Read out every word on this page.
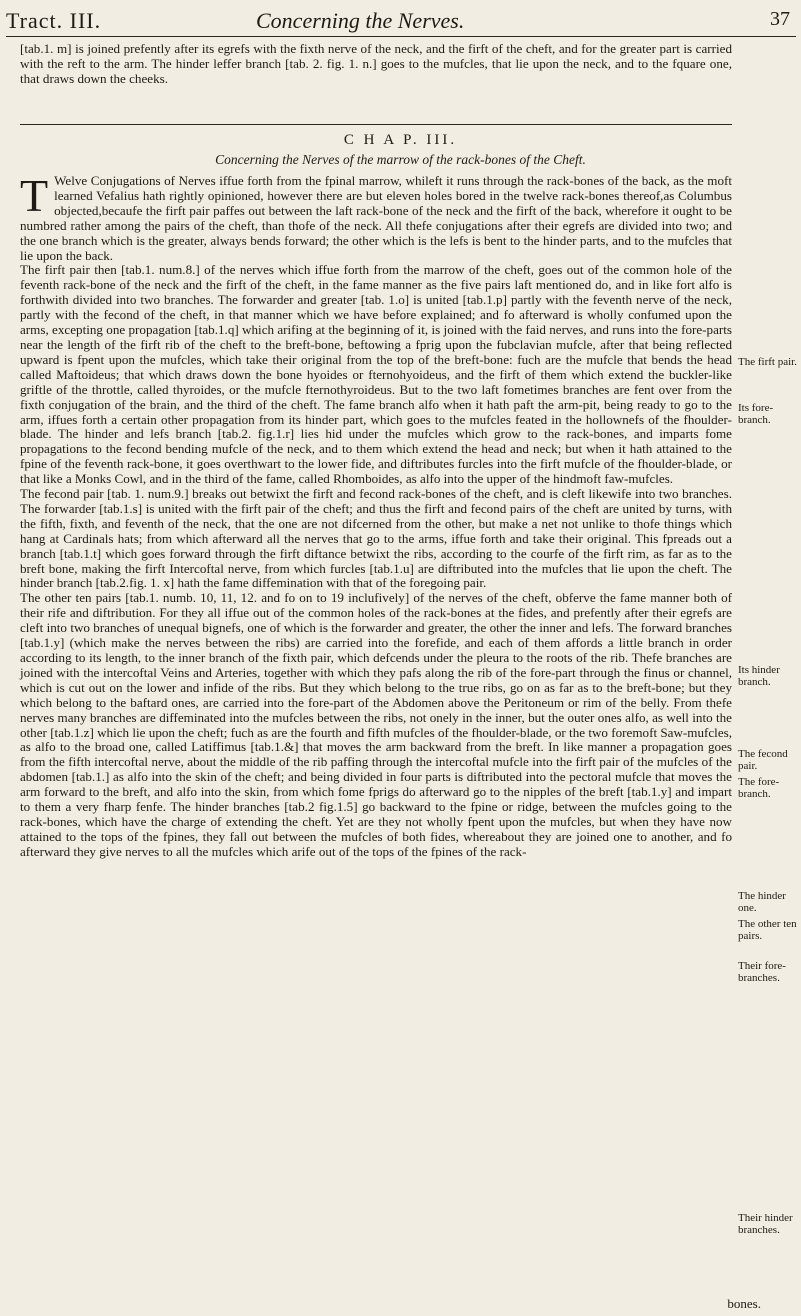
Tract. III.	Concerning the Nerves.	37

[tab.1. m] is joined prefently after its egrefs with the fixth nerve of the neck, and the firft of the cheft, and for the greater part is carried with the reft to the arm. The hinder leffer branch [tab. 2. fig. 1. n.] goes to the mufcles, that lie upon the neck, and to the fquare one, that draws down the cheeks.

C H A P. III.
Concerning the Nerves of the marrow of the rack-bones of the Cheft.

T Welve Conjugations of Nerves iffue forth from the fpinal marrow, whileft it runs through the rack-bones of the back, as the moft learned Vefalius hath rightly opinioned, however there are but eleven holes bored in the twelve rack-bones thereof,as Columbus objected,becaufe the firft pair paffes out between the laft rack-bone of the neck and the firft of the back, wherefore it ought to be numbred rather among the pairs of the cheft, than thofe of the neck. All thefe conjugations after their egrefs are divided into two; and the one branch which is the greater, always bends forward; the other which is the lefs is bent to the hinder parts, and to the mufcles that lie upon the back.

The firft pair then [tab.1. num.8.] of the nerves which iffue forth from the marrow of the cheft, goes out of the common hole of the feventh rack-bone of the neck and the firft of the cheft, in the fame manner as the five pairs laft mentioned do, and in like fort alfo is forthwith divided into two branches. The forwarder and greater [tab. 1.o] is united [tab.1.p] partly with the feventh nerve of the neck, partly with the fecond of the cheft, in that manner which we have before explained; and fo afterward is wholly confumed upon the arms, excepting one propagation [tab.1.q] which arifing at the beginning of it, is joined with the faid nerves, and runs into the fore-parts near the length of the firft rib of the cheft to the breft-bone, beftowing a fprig upon the fubclavian mufcle, after that being reflected upward is fpent upon the mufcles, which take their original from the top of the breft-bone: fuch are the mufcle that bends the head called Maftoideus; that which draws down the bone hyoides or fternohyoideus, and the firft of them which extend the buckler-like griftle of the throttle, called thyroides, or the mufcle fternothyroideus. But to the two laft fometimes branches are fent over from the fixth conjugation of the brain, and the third of the cheft. The fame branch alfo when it hath paft the arm-pit, being ready to go to the arm, iffues forth a certain other propagation from its hinder part, which goes to the mufcles feated in the hollownefs of the fhoulder-blade. The hinder and lefs branch [tab.2. fig.1.r] lies hid under the mufcles which grow to the rack-bones, and imparts fome propagations to the fecond bending mufcle of the neck, and to them which extend the head and neck; but when it hath attained to the fpine of the feventh rack-bone, it goes overthwart to the lower fide, and diftributes furcles into the firft mufcle of the fhoulder-blade, or that like a Monks Cowl, and in the third of the fame, called Rhomboides, as alfo into the upper of the hindmoft faw-mufcles.

The fecond pair [tab. 1. num.9.] breaks out betwixt the firft and fecond rack-bones of the cheft, and is cleft likewife into two branches. The forwarder [tab.1.s] is united with the firft pair of the cheft; and thus the firft and fecond pairs of the cheft are united by turns, with the fifth, fixth, and feventh of the neck, that the one are not difcerned from the other, but make a net not unlike to thofe things which hang at Cardinals hats; from which afterward all the nerves that go to the arms, iffue forth and take their original. This fpreads out a branch [tab.1.t] which goes forward through the firft diftance betwixt the ribs, according to the courfe of the firft rim, as far as to the breft bone, making the firft Intercoftal nerve, from which furcles [tab.1.u] are diftributed into the mufcles that lie upon the cheft. The hinder branch [tab.2.fig. 1. x] hath the fame diffemination with that of the foregoing pair.

The other ten pairs [tab.1. numb. 10, 11, 12. and fo on to 19 inclufively] of the nerves of the cheft, obferve the fame manner both of their rife and diftribution. For they all iffue out of the common holes of the rack-bones at the fides, and prefently after their egrefs are cleft into two branches of unequal bignefs, one of which is the forwarder and greater, the other the inner and lefs. The forward branches [tab.1.y] (which make the nerves between the ribs) are carried into the forefide, and each of them affords a little branch in order according to its length, to the inner branch of the fixth pair, which defcends under the pleura to the roots of the rib. Thefe branches are joined with the intercoftal Veins and Arteries, together with which they pafs along the rib of the fore-part through the finus or channel, which is cut out on the lower and infide of the ribs. But they which belong to the true ribs, go on as far as to the breft-bone; but they which belong to the baftard ones, are carried into the fore-part of the Abdomen above the Peritoneum or rim of the belly. From thefe nerves many branches are diffeminated into the mufcles between the ribs, not onely in the inner, but the outer ones alfo, as well into the other [tab.1.z] which lie upon the cheft; fuch as are the fourth and fifth mufcles of the fhoulder-blade, or the two foremoft Saw-mufcles, as alfo to the broad one, called Latiffimus [tab.1.&] that moves the arm backward from the breft. In like manner a propagation goes from the fifth intercoftal nerve, about the middle of the rib paffing through the intercoftal mufcle into the firft pair of the mufcles of the abdomen [tab.1.] as alfo into the skin of the cheft; and being divided in four parts is diftributed into the pectoral mufcle that moves the arm forward to the breft, and alfo into the skin, from which fome fprigs do afterward go to the nipples of the breft [tab.1.y] and impart to them a very fharp fenfe. The hinder branches [tab.2 fig.1.5] go backward to the fpine or ridge, between the mufcles going to the rack-bones, which have the charge of extending the cheft. Yet are they not wholly fpent upon the mufcles, but when they have now attained to the tops of the fpines, they fall out between the mufcles of both fides, whereabout they are joined one to another, and fo afterward they give nerves to all the mufcles which arife out of the tops of the fpines of the rack-

The firft pair.
Its fore-branch.
Its hinder branch.
The fecond pair.
The fore-branch.
The hinder one.
The other ten pairs.
Their fore-branches.
Their hinder branches.
bones.
